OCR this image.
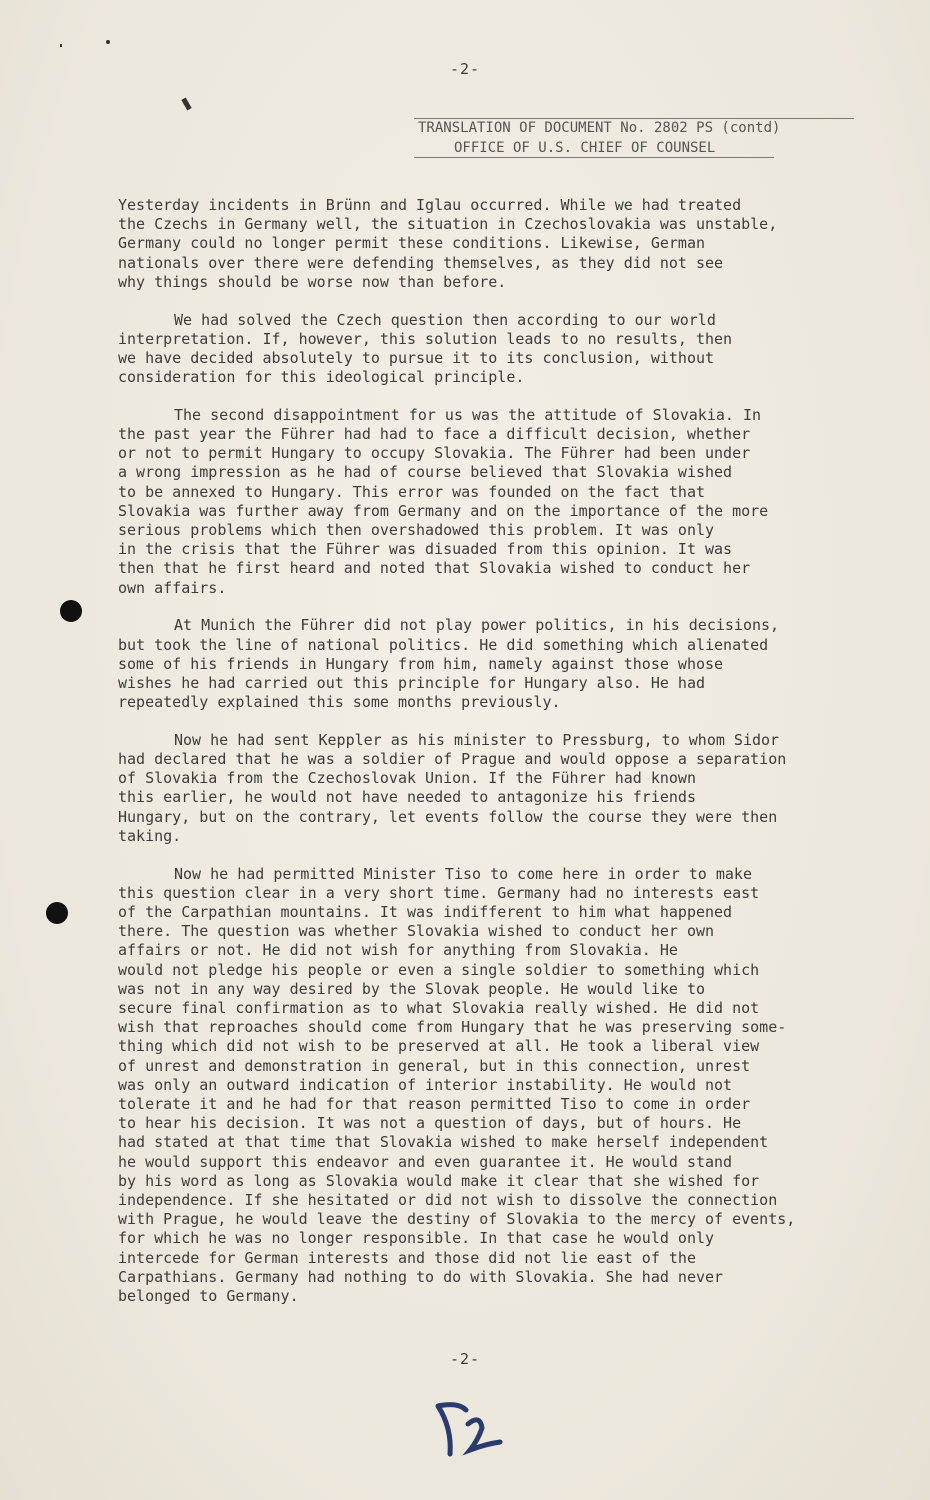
-2-
TRANSLATION OF DOCUMENT No. 2802 PS (contd)
OFFICE OF U.S. CHIEF OF COUNSEL

Yesterday incidents in Brünn and Iglau occurred. While we had treated
the Czechs in Germany well, the situation in Czechoslovakia was unstable,
Germany could no longer permit these conditions. Likewise, German
nationals over there were defending themselves, as they did not see
why things should be worse now than before.

We had solved the Czech question then according to our world
interpretation. If, however, this solution leads to no results, then
we have decided absolutely to pursue it to its conclusion, without
consideration for this ideological principle.

The second disappointment for us was the attitude of Slovakia. In
the past year the Führer had had to face a difficult decision, whether
or not to permit Hungary to occupy Slovakia. The Führer had been under
a wrong impression as he had of course believed that Slovakia wished
to be annexed to Hungary. This error was founded on the fact that
Slovakia was further away from Germany and on the importance of the more
serious problems which then overshadowed this problem. It was only
in the crisis that the Führer was disuaded from this opinion. It was
then that he first heard and noted that Slovakia wished to conduct her
own affairs.

At Munich the Führer did not play power politics, in his decisions,
but took the line of national politics. He did something which alienated
some of his friends in Hungary from him, namely against those whose
wishes he had carried out this principle for Hungary also. He had
repeatedly explained this some months previously.

Now he had sent Keppler as his minister to Pressburg, to whom Sidor
had declared that he was a soldier of Prague and would oppose a separation
of Slovakia from the Czechoslovak Union. If the Führer had known
this earlier, he would not have needed to antagonize his friends
Hungary, but on the contrary, let events follow the course they were then
taking.

Now he had permitted Minister Tiso to come here in order to make
this question clear in a very short time. Germany had no interests east
of the Carpathian mountains. It was indifferent to him what happened
there. The question was whether Slovakia wished to conduct her own
affairs or not. He did not wish for anything from Slovakia. He
would not pledge his people or even a single soldier to something which
was not in any way desired by the Slovak people. He would like to
secure final confirmation as to what Slovakia really wished. He did not
wish that reproaches should come from Hungary that he was preserving some-
thing which did not wish to be preserved at all. He took a liberal view
of unrest and demonstration in general, but in this connection, unrest
was only an outward indication of interior instability. He would not
tolerate it and he had for that reason permitted Tiso to come in order
to hear his decision. It was not a question of days, but of hours. He
had stated at that time that Slovakia wished to make herself independent
he would support this endeavor and even guarantee it. He would stand
by his word as long as Slovakia would make it clear that she wished for
independence. If she hesitated or did not wish to dissolve the connection
with Prague, he would leave the destiny of Slovakia to the mercy of events,
for which he was no longer responsible. In that case he would only
intercede for German interests and those did not lie east of the
Carpathians. Germany had nothing to do with Slovakia. She had never
belonged to Germany.

-2-
